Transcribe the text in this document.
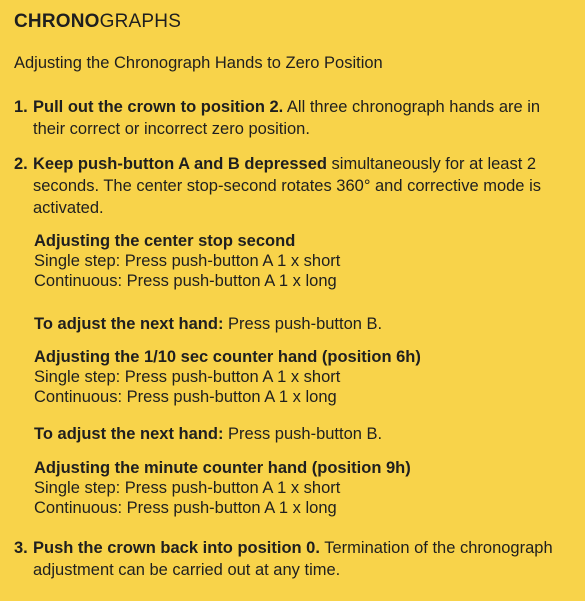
CHRONOGRAPHS
Adjusting the Chronograph Hands to Zero Position
1. Pull out the crown to position 2. All three chronograph hands are in
their correct or incorrect zero position.
2. Keep push-button A and B depressed simultaneously for at least 2
seconds. The center stop-second rotates 360° and corrective mode is
activated.
Adjusting the center stop second
Single step: Press push-button A 1 x short
Continuous: Press push-button A 1 x long
To adjust the next hand: Press push-button B.
Adjusting the 1/10 sec counter hand (position 6h)
Single step: Press push-button A 1 x short
Continuous: Press push-button A 1 x long
To adjust the next hand: Press push-button B.
Adjusting the minute counter hand (position 9h)
Single step: Press push-button A 1 x short
Continuous: Press push-button A 1 x long
3. Push the crown back into position 0. Termination of the chronograph
adjustment can be carried out at any time.
